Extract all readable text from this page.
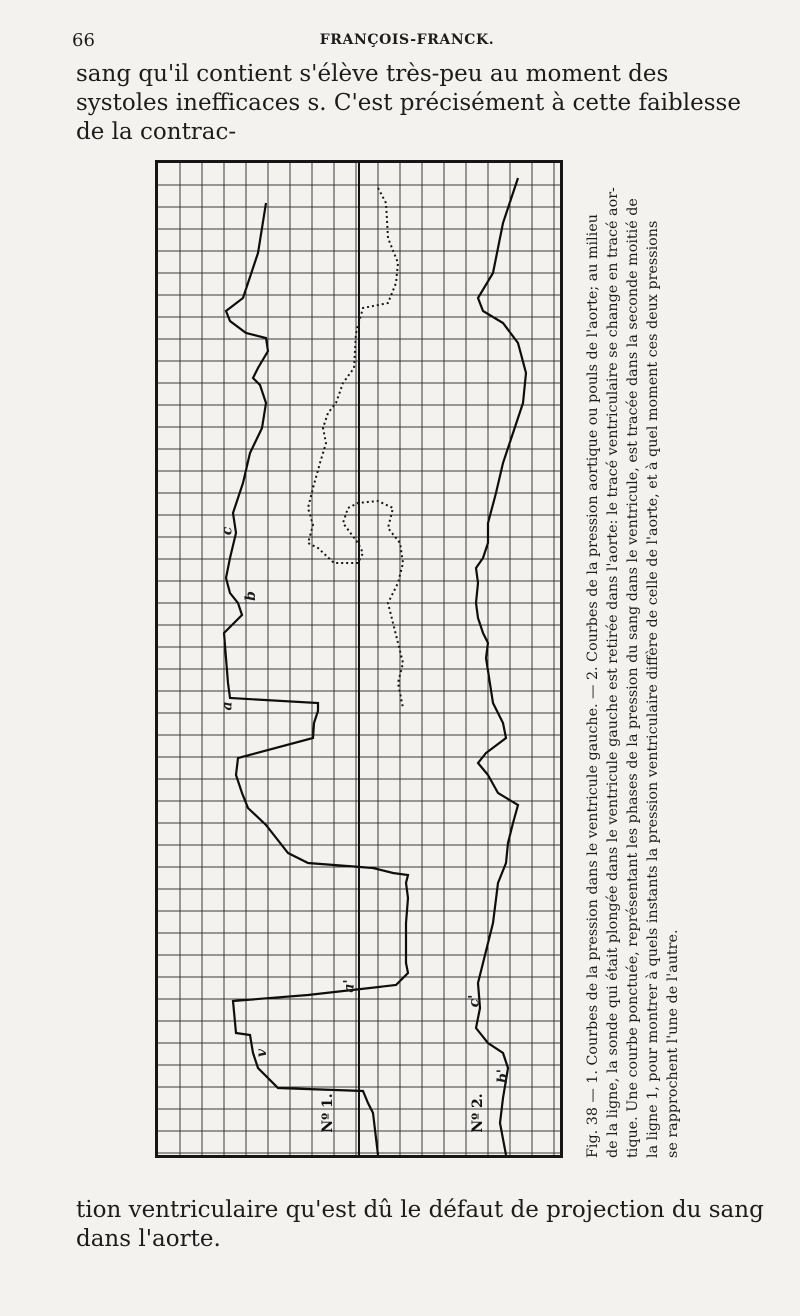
66	FRANÇOIS-FRANCK.

sang qu'il contient s'élève très-peu au moment des systoles inefficaces s. C'est précisément à cette faiblesse de la contrac-

Nº 1.	Nº 2.
a
b
c
a'
v
c'
b'	Fig. 38 — 1. Courbes de la pression dans le ventricule gauche. — 2. Courbes de la pression aortique ou pouls de l'aorte; au milieu de la ligne, la sonde qui était plongée dans le ventricule gauche est retirée dans l'aorte: le tracé ventriculaire se change en tracé aor- tique. Une courbe ponctuée, représentant les phases de la pression du sang dans le ventricule, est tracée dans la seconde moitié de la ligne 1, pour montrer à quels instants la pression ventriculaire diffère de celle de l'aorte, et à quel moment ces deux pressions se rapprochent l'une de l'autre.

tion ventriculaire qu'est dû le défaut de projection du sang dans l'aorte.
